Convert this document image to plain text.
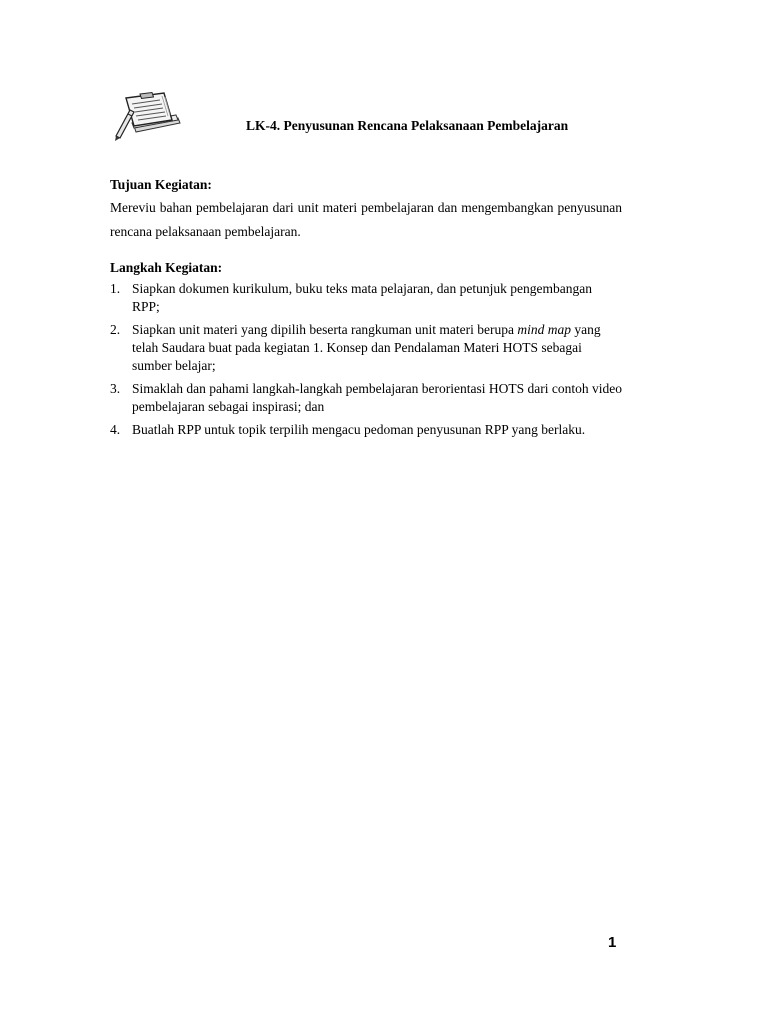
LK-4. Penyusunan Rencana Pelaksanaan Pembelajaran

Tujuan Kegiatan:

Mereviu bahan pembelajaran dari unit materi pembelajaran dan mengembangkan penyusunan rencana pelaksanaan pembelajaran.

Langkah Kegiatan:

1. Siapkan dokumen kurikulum, buku teks mata pelajaran, dan petunjuk pengembangan RPP;
2. Siapkan unit materi yang dipilih beserta rangkuman unit materi berupa mind map yang telah Saudara buat pada kegiatan 1. Konsep dan Pendalaman Materi HOTS sebagai sumber belajar;
3. Simaklah dan pahami langkah-langkah pembelajaran berorientasi HOTS dari contoh video pembelajaran sebagai inspirasi; dan
4. Buatlah RPP untuk topik terpilih mengacu pedoman penyusunan RPP yang berlaku.
1
